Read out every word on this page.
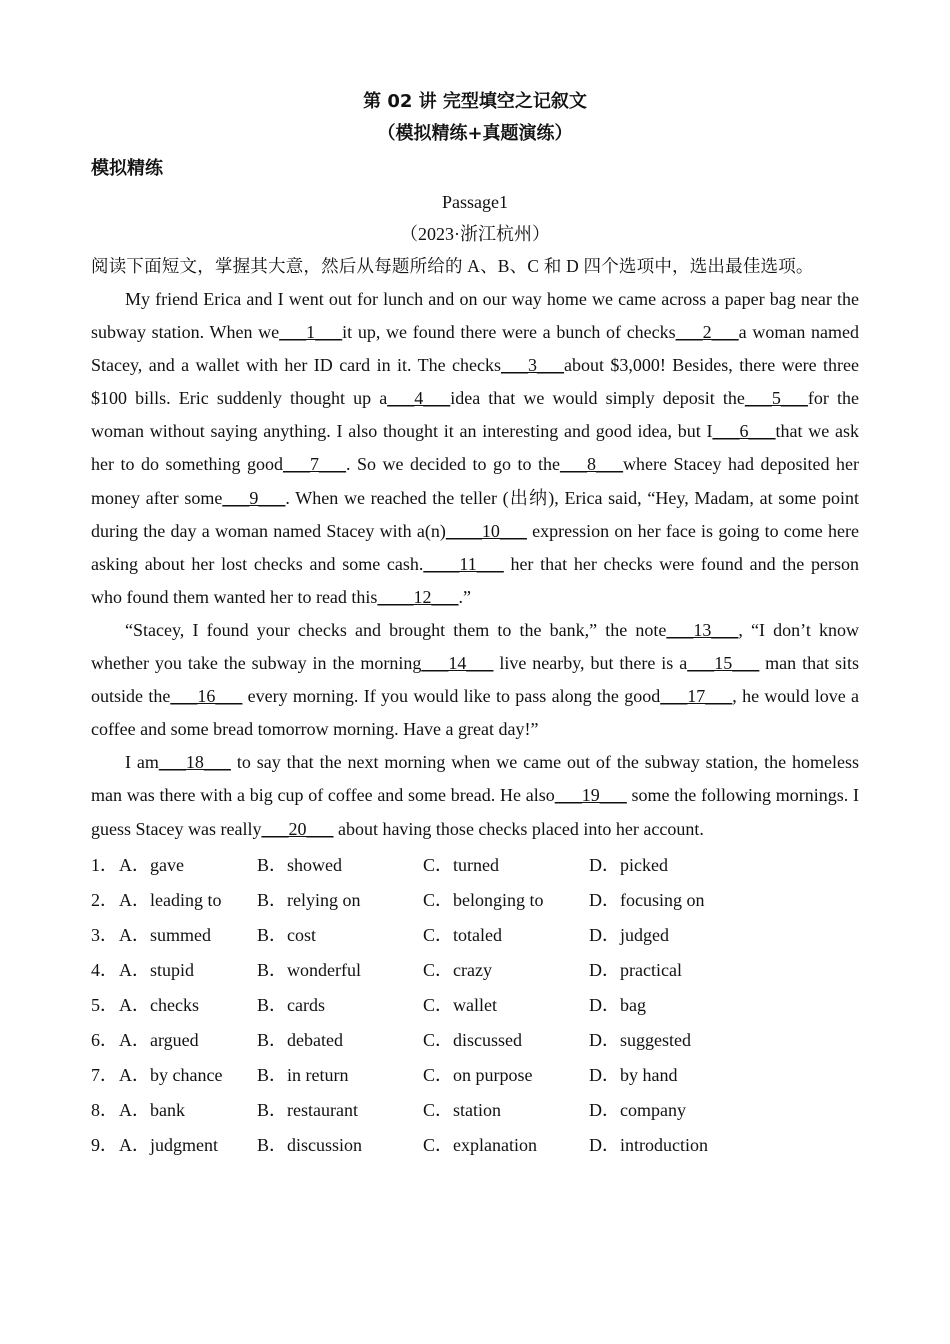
第 02 讲 完型填空之记叙文
（模拟精练+真题演练）
模拟精练
Passage1
（2023·浙江杭州）
阅读下面短文，掌握其大意，然后从每题所给的 A、B、C 和 D 四个选项中，选出最佳选项。

My friend Erica and I went out for lunch and on our way home we came across a paper bag near the subway station. When we___1___it up, we found there were a bunch of checks___2___a woman named Stacey, and a wallet with her ID card in it. The checks___3___about $3,000! Besides, there were three $100 bills. Eric suddenly thought up a___4___idea that we would simply deposit the___5___for the woman without saying anything. I also thought it an interesting and good idea, but I___6___that we ask her to do something good___7___. So we decided to go to the___8___where Stacey had deposited her money after some___9___. When we reached the teller (出纳), Erica said, “Hey, Madam, at some point during the day a woman named Stacey with a(n)____10___ expression on her face is going to come here asking about her lost checks and some cash.____11___ her that her checks were found and the person who found them wanted her to read this____12___.”

“Stacey, I found your checks and brought them to the bank,” the note___13___, “I don’t know whether you take the subway in the morning___14___ live nearby, but there is a___15___ man that sits outside the___16___ every morning. If you would like to pass along the good___17___, he would love a coffee and some bread tomorrow morning. Have a great day!”

I am___18___ to say that the next morning when we came out of the subway station, the homeless man was there with a big cup of coffee and some bread. He also___19___ some the following mornings. I guess Stacey was really___20___ about having those checks placed into her account.

1． A．gave	B．showed	C．turned	D．picked
2． A．leading to	B．relying on	C．belonging to	D．focusing on
3． A．summed	B．cost	C．totaled	D．judged
4． A．stupid	B．wonderful	C．crazy	D．practical
5． A．checks	B．cards	C．wallet	D．bag
6． A．argued	B．debated	C．discussed	D．suggested
7． A．by chance	B．in return	C．on purpose	D．by hand
8． A．bank	B．restaurant	C．station	D．company
9． A．judgment	B．discussion	C．explanation	D．introduction
